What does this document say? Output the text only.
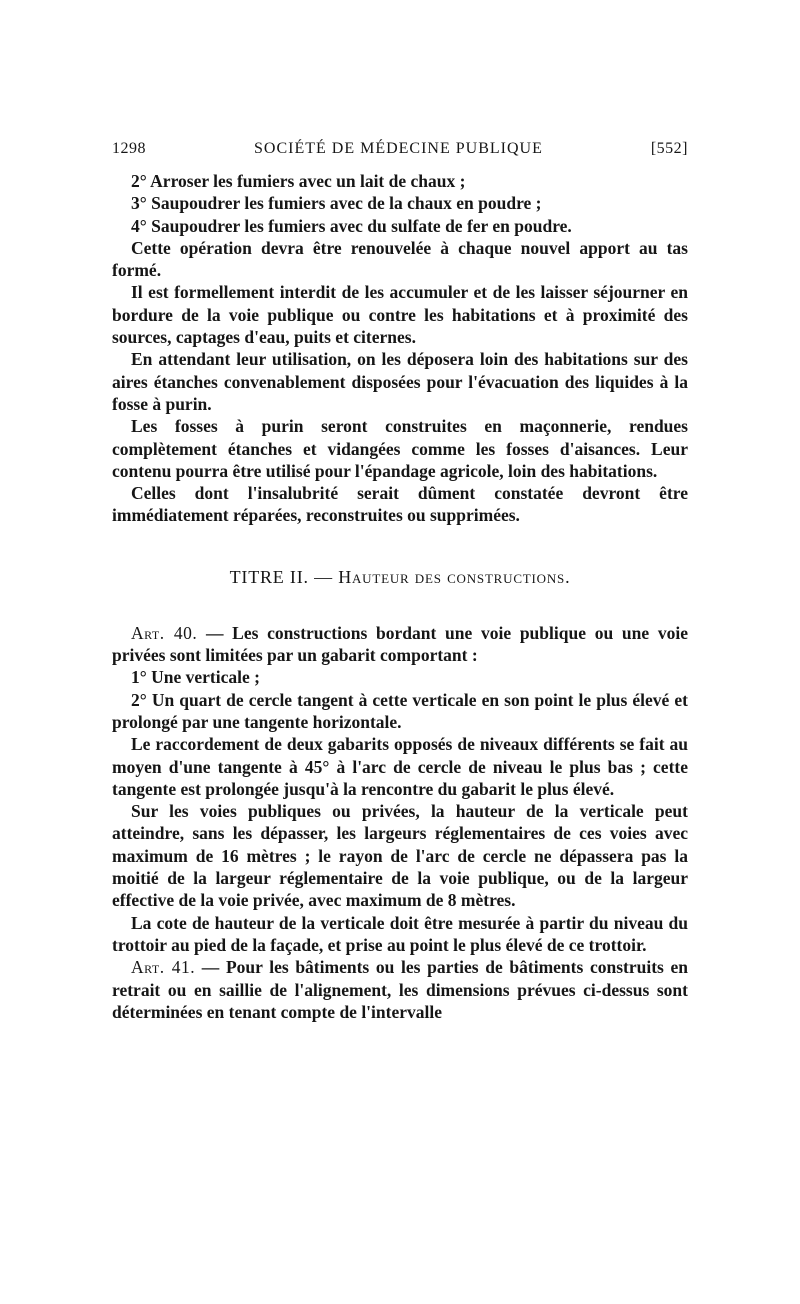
1298	SOCIÉTÉ DE MÉDECINE PUBLIQUE	[552]

2° Arroser les fumiers avec un lait de chaux ;

3° Saupoudrer les fumiers avec de la chaux en poudre ;

4° Saupoudrer les fumiers avec du sulfate de fer en poudre.

Cette opération devra être renouvelée à chaque nouvel apport au tas formé.

Il est formellement interdit de les accumuler et de les laisser séjourner en bordure de la voie publique ou contre les habitations et à proximité des sources, captages d'eau, puits et citernes.

En attendant leur utilisation, on les déposera loin des habitations sur des aires étanches convenablement disposées pour l'évacuation des liquides à la fosse à purin.

Les fosses à purin seront construites en maçonnerie, rendues complètement étanches et vidangées comme les fosses d'aisances. Leur contenu pourra être utilisé pour l'épandage agricole, loin des habitations.

Celles dont l'insalubrité serait dûment constatée devront être immédiatement réparées, reconstruites ou supprimées.

TITRE II. — Hauteur des constructions.

Art. 40. — Les constructions bordant une voie publique ou une voie privées sont limitées par un gabarit comportant :

1° Une verticale ;

2° Un quart de cercle tangent à cette verticale en son point le plus élevé et prolongé par une tangente horizontale.

Le raccordement de deux gabarits opposés de niveaux différents se fait au moyen d'une tangente à 45° à l'arc de cercle de niveau le plus bas ; cette tangente est prolongée jusqu'à la rencontre du gabarit le plus élevé.

Sur les voies publiques ou privées, la hauteur de la verticale peut atteindre, sans les dépasser, les largeurs réglementaires de ces voies avec maximum de 16 mètres ; le rayon de l'arc de cercle ne dépassera pas la moitié de la largeur réglementaire de la voie publique, ou de la largeur effective de la voie privée, avec maximum de 8 mètres.

La cote de hauteur de la verticale doit être mesurée à partir du niveau du trottoir au pied de la façade, et prise au point le plus élevé de ce trottoir.

Art. 41. — Pour les bâtiments ou les parties de bâtiments construits en retrait ou en saillie de l'alignement, les dimensions prévues ci-dessus sont déterminées en tenant compte de l'intervalle
